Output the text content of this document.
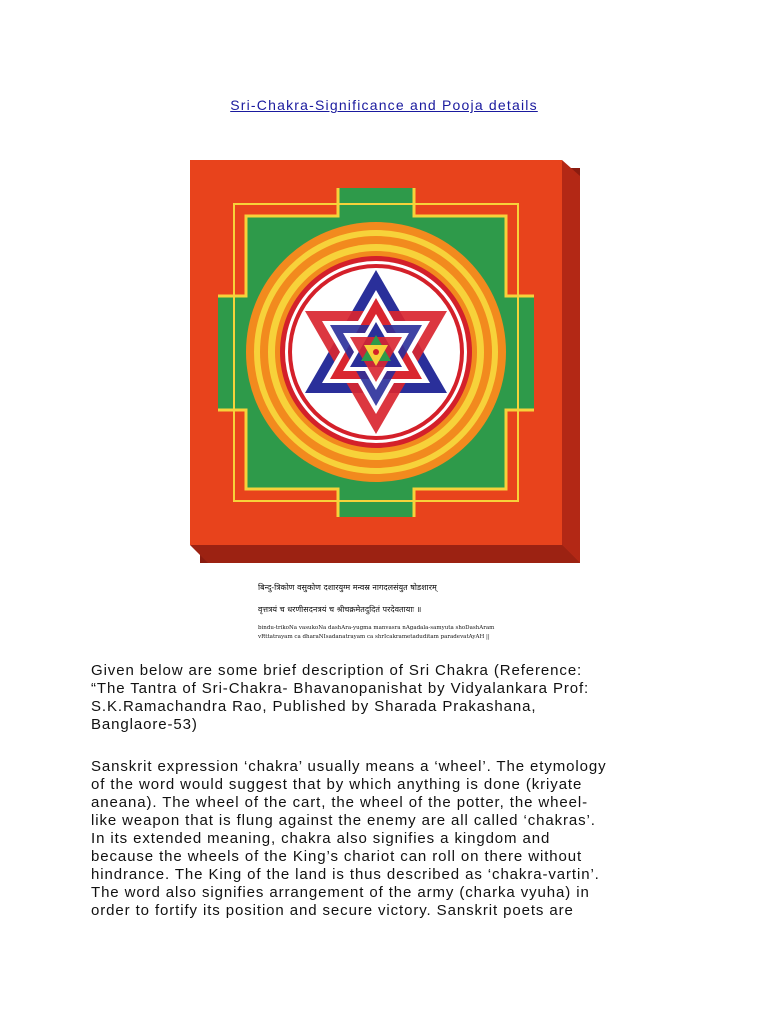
Sri-Chakra-Significance and Pooja details
बिन्दु-त्रिकोण वसुकोण दशारयुग्म मन्वस्र नागदलसंयुत षोडशारम्
वृत्तत्रयं च धरणीसदनत्रयं च श्रीचक्रमेतदुदितं परदेवतायाः ॥
bindu-trikoNa vasukoNa dashAra-yugma manvasra nAgadala-samyuta shoDashAram
vRttatrayam ca dharaNIsadanatrayam ca shrIcakrametaduditam paradevatAyAH ||

Given below are some brief description of Sri Chakra (Reference:
“The Tantra of Sri-Chakra- Bhavanopanishat by Vidyalankara Prof:
S.K.Ramachandra Rao, Published by Sharada Prakashana,
Banglaore-53)

Sanskrit expression ‘chakra’ usually means a ‘wheel’. The etymology
of the word would suggest that by which anything is done (kriyate
aneana). The wheel of the cart, the wheel of the potter, the wheel-
like weapon that is flung against the enemy are all called ‘chakras’.
In its extended meaning, chakra also signifies a kingdom and
because the wheels of the King’s chariot can roll on there without
hindrance. The King of the land is thus described as ‘chakra-vartin’.
The word also signifies arrangement of the army (charka vyuha) in
order to fortify its position and secure victory. Sanskrit poets are
